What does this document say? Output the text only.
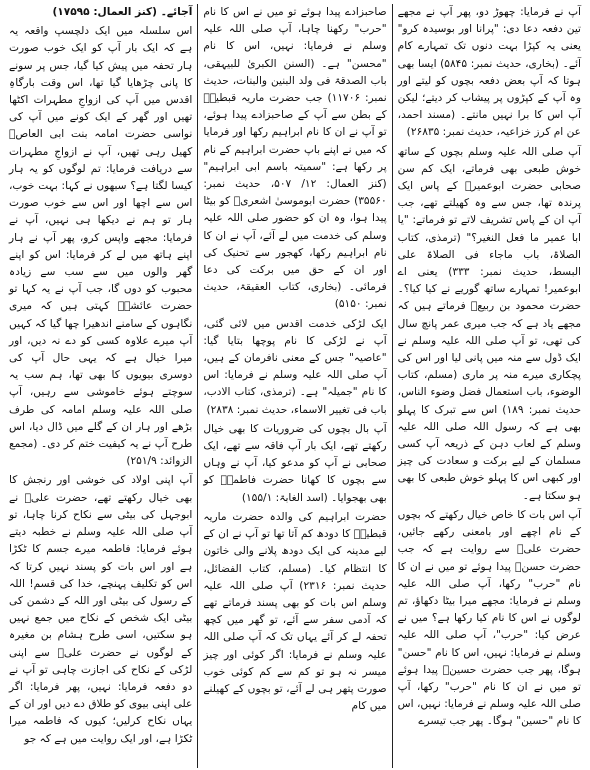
آپ نے فرمایا: چھوڑ دو، پھر آپ نے مجھے تین دفعہ دعا دی: "پرانا اور بوسیدہ کرو" یعنی یہ کپڑا بہت دنوں تک تمہارے کام آئے۔ (بخاری، حدیث نمبر: ۵۸۴۵) ایسا بھی ہوتا کہ آپ بعض دفعہ بچوں کو لیتے اور وہ آپ کے کپڑوں پر پیشاب کر دیتے؛ لیکن آپ اس کا برا نہیں مانتے۔ (مسند احمد، عن ام کرز خزاعیہ، حدیث نمبر: ۲۶۸۳۵)

آپ صلی اللہ علیہ وسلم بچوں کے ساتھ خوش طبعی بھی فرماتے، ایک کم سن صحابی حضرت ابوعمیرؓ کے پاس ایک پرندہ تھا، جس سے وہ کھیلتے تھے، جب آپ ان کے پاس تشریف لاتے تو فرماتے: "یا ابا عمیر ما فعل النغیر؟" (ترمذی، کتاب الصلاۃ، باب ماجاء فی الصلاۃ علی البسط، حدیث نمبر: ۳۳۳) یعنی اے ابوعمیر! تمہارے ساتھ گوریے نے کیا کیا؟۔ حضرت محمود بن ربیعؓ فرماتے ہیں کہ مجھے یاد ہے کہ جب میری عمر پانچ سال کی تھی، تو آپ صلی اللہ علیہ وسلم نے ایک ڈول سے منہ میں پانی لیا اور اس کی پچکاری میرے منہ پر ماری (مسلم، کتاب الوضوء، باب استعمال فضل وضوء الناس، حدیث نمبر: ۱۸۹) اس سے تبرک کا پہلو بھی ہے کہ رسول اللہ صلی اللہ علیہ وسلم کے لعاب دہن کے ذریعہ آپ کسی مسلمان کے لیے برکت و سعادت کی چیز اور کبھی اس کا پہلو خوش طبعی کا بھی ہو سکتا ہے۔

آپ اس بات کا خاص خیال رکھتے کہ بچوں کے نام اچھے اور بامعنی رکھے جائیں، حضرت علیؓ سے روایت ہے کہ جب حضرت حسنؓ پیدا ہوئے تو میں نے ان کا نام "حرب" رکھا، آپ صلی اللہ علیہ وسلم نے فرمایا: مجھے میرا بیٹا دکھاؤ، تم لوگوں نے اس کا نام کیا رکھا ہے؟ میں نے عرض کیا: "حرب"، آپ صلی اللہ علیہ وسلم نے فرمایا: نہیں، اس کا نام "حسن" ہوگا، پھر جب حضرت حسینؓ پیدا ہوئے تو میں نے ان کا نام "حرب" رکھا، آپ صلی اللہ علیہ وسلم نے فرمایا: نہیں، اس کا نام "حسین" ہوگا۔ پھر جب تیسرے

صاحبزادے پیدا ہوئے تو میں نے اس کا نام "حرب" رکھنا چاہا، آپ صلی اللہ علیہ وسلم نے فرمایا: نہیں، اس کا نام "محسن" ہے۔ (السنن الکبریٰ للبیہقی، باب الصدقۃ فی ولد البنین والبنات، حدیث نمبر: ۱۱۷۰۶) جب حضرت ماریہ قبطیہؓ کے بطن سے آپ کے صاحبزادے پیدا ہوئے، تو آپ نے ان کا نام ابراہیم رکھا اور فرمایا کہ میں نے اپنے باپ حضرت ابراہیم کے نام پر رکھا ہے: "سمیتہ باسم ابی ابراہیم" (کنز العمال: ۱۲/ ۵۰۷، حدیث نمبر: ۳۵۵۶۰) حضرت ابوموسیٰ اشعریؓ کو بیٹا پیدا ہوا، وہ ان کو حضور صلی اللہ علیہ وسلم کی خدمت میں لے آئے، آپ نے ان کا نام ابراہیم رکھا، کھجور سے تحنیک کی اور ان کے حق میں برکت کی دعا فرمائی۔ (بخاری، کتاب العقیقۃ، حدیث نمبر: ۵۱۵۰)

ایک لڑکی خدمت اقدس میں لائی گئی، آپ نے لڑکی کا نام پوچھا بتایا گیا: "عاصیہ" جس کے معنی نافرمان کے ہیں، آپ صلی اللہ علیہ وسلم نے فرمایا: اس کا نام "جمیلہ" ہے۔ (ترمذی، کتاب الادب، باب فی تغییر الاسماء، حدیث نمبر: ۲۸۳۸)

آپ بال بچوں کی ضروریات کا بھی خیال رکھتے تھے، ایک بار آپ فاقہ سے تھے، ایک صحابی نے آپ کو مدعو کیا، آپ نے وہاں سے بچوں کا کھانا حضرت فاطمہؓ کو بھی بھجوایا۔ (اسد الغابۃ: ۱۵۵/۱)

حضرت ابراہیم کی والدہ حضرت ماریہ قبطیہؓ کا دودھ کم آتا تھا تو آپ نے ان کے لیے مدینہ کی ایک دودھ پلانے والی خاتون کا انتظام کیا۔ (مسلم، کتاب الفضائل، حدیث نمبر: ۲۳۱۶) آپ صلی اللہ علیہ وسلم اس بات کو بھی پسند فرماتے تھے کہ آدمی سفر سے آئے، تو گھر میں کچھ تحفہ لے کر آئے یہاں تک کہ آپ صلی اللہ علیہ وسلم نے فرمایا: اگر کوئی اور چیز میسر نہ ہو تو کم سے کم کوئی خوب صورت پتھر ہی لے آئے، تو بچوں کے کھیلنے میں کام

آجائے۔ (کنز العمال: ۱۷۵۹۵)

اس سلسلہ میں ایک دلچسپ واقعہ یہ ہے کہ ایک بار آپ کو ایک خوب صورت ہار تحفہ میں پیش کیا گیا، جس پر سونے کا پانی چڑھایا گیا تھا، اس وقت بارگاہِ اقدس میں آپ کی ازواجِ مطہرات اکٹھا تھیں اور گھر کے ایک کونے میں آپ کی نواسی حضرت امامہ بنت ابی العاصؓ کھیل رہی تھیں، آپ نے ازواجِ مطہرات سے دریافت فرمایا: تم لوگوں کو یہ ہار کیسا لگتا ہے؟ سبھوں نے کہا: بہت خوب، اس سے اچھا اور اس سے خوب صورت ہار تو ہم نے دیکھا ہی نہیں، آپ نے فرمایا: مجھے واپس کرو، پھر آپ نے ہار اپنے ہاتھ میں لے کر فرمایا: اس کو اپنے گھر والوں میں سے سب سے زیادہ محبوب کو دوں گا، جب آپ نے یہ کہا تو حضرت عائشہؓ کہتی ہیں کہ میری نگاہوں کے سامنے اندھیرا چھا گیا کہ کہیں آپ میرے علاوہ کسی کو دے نہ دیں، اور میرا خیال ہے کہ یہی حال آپ کی دوسری بیویوں کا بھی تھا، ہم سب یہ سوچتے ہوئے خاموشی سے رہیں، آپ صلی اللہ علیہ وسلم امامہ کی طرف بڑھے اور ہار ان کے گلے میں ڈال دیا، اس طرح آپ نے یہ کیفیت ختم کر دی۔ (مجمع الزوائد: ۲۵۱/۹)

آپ اپنی اولاد کی خوشی اور رنجش کا بھی خیال رکھتے تھے، حضرت علیؓ نے ابوجہل کی بیٹی سے نکاح کرنا چاہا، تو آپ صلی اللہ علیہ وسلم نے خطبہ دیتے ہوئے فرمایا: فاطمہ میرے جسم کا ٹکڑا ہے اور اس بات کو پسند نہیں کرتا کہ اس کو تکلیف پہنچے، خدا کی قسم! اللہ کے رسول کی بیٹی اور اللہ کے دشمن کی بیٹی ایک شخص کے نکاح میں جمع نہیں ہو سکتیں، اسی طرح ہشام بن مغیرہ کے لوگوں نے حضرت علیؓ سے اپنی لڑکی کے نکاح کی اجازت چاہی تو آپ نے دو دفعہ فرمایا: نہیں، پھر فرمایا: اگر علی اپنی بیوی کو طلاق دے دیں اور ان کے یہاں نکاح کرلیں؛ کیوں کہ فاطمہ میرا ٹکڑا ہے، اور ایک روایت میں ہے کہ جو
